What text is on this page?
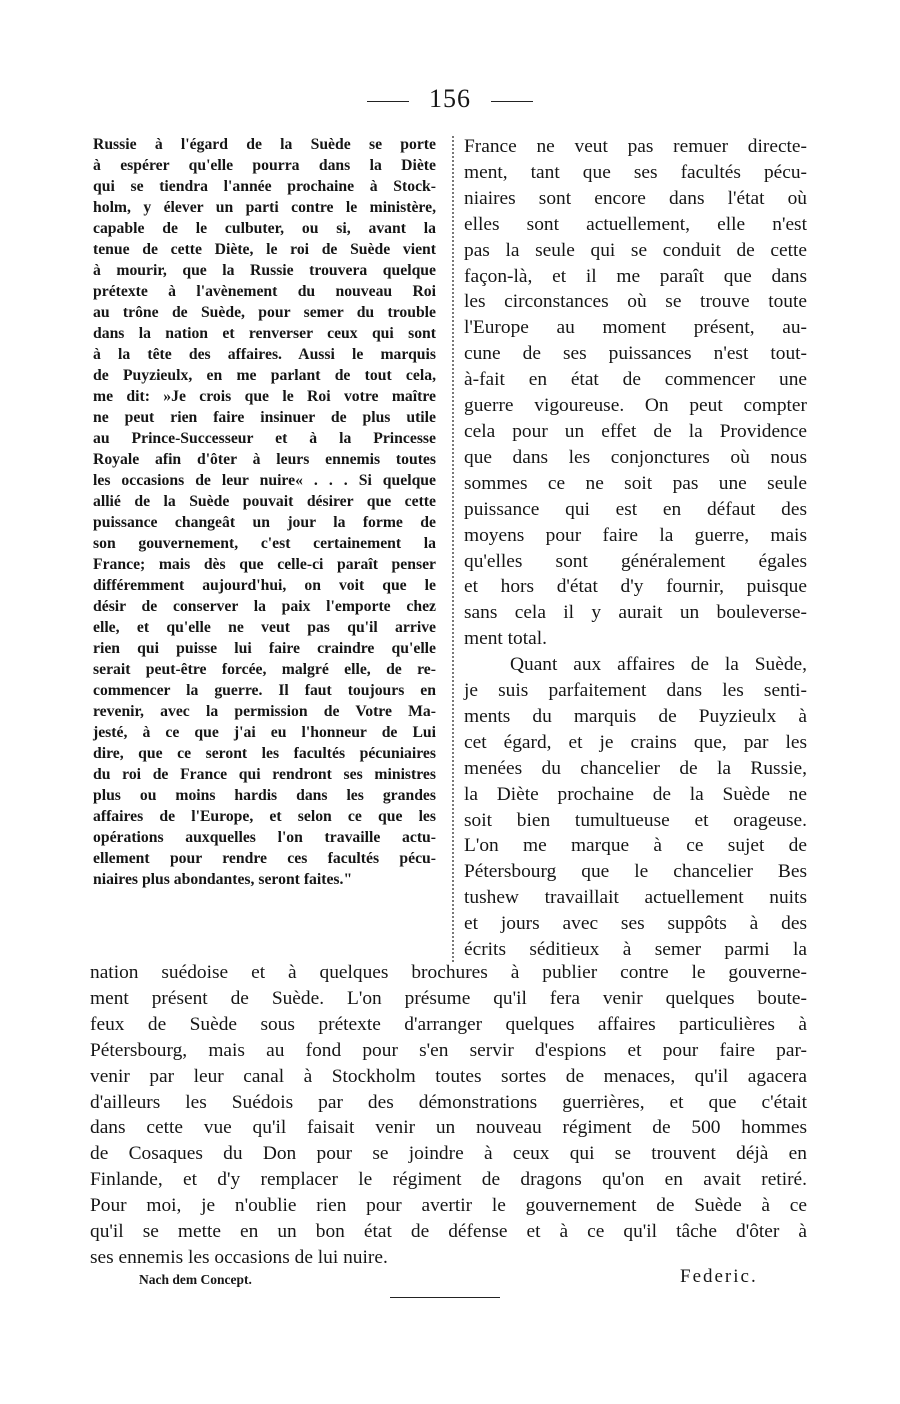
156
Russie à l'égard de la Suède se porte
à espérer qu'elle pourra dans la Diète
qui se tiendra l'année prochaine à Stock-
holm, y élever un parti contre le ministère,
capable de le culbuter, ou si, avant la
tenue de cette Diète, le roi de Suède vient
à mourir, que la Russie trouvera quelque
prétexte à l'avènement du nouveau Roi
au trône de Suède, pour semer du trouble
dans la nation et renverser ceux qui sont
à la tête des affaires. Aussi le marquis
de Puyzieulx, en me parlant de tout cela,
me dit: »Je crois que le Roi votre maître
ne peut rien faire insinuer de plus utile
au Prince-Successeur et à la Princesse
Royale afin d'ôter à leurs ennemis toutes
les occasions de leur nuire« . . . Si quelque
allié de la Suède pouvait désirer que cette
puissance changeât un jour la forme de
son gouvernement, c'est certainement la
France; mais dès que celle-ci paraît penser
différemment aujourd'hui, on voit que le
désir de conserver la paix l'emporte chez
elle, et qu'elle ne veut pas qu'il arrive
rien qui puisse lui faire craindre qu'elle
serait peut-être forcée, malgré elle, de re-
commencer la guerre. Il faut toujours en
revenir, avec la permission de Votre Ma-
jesté, à ce que j'ai eu l'honneur de Lui
dire, que ce seront les facultés pécuniaires
du roi de France qui rendront ses ministres
plus ou moins hardis dans les grandes
affaires de l'Europe, et selon ce que les
opérations auxquelles l'on travaille actu-
ellement pour rendre ces facultés pécu-
niaires plus abondantes, seront faites."
France ne veut pas remuer directe-
ment, tant que ses facultés pécu-
niaires sont encore dans l'état où
elles sont actuellement, elle n'est
pas la seule qui se conduit de cette
façon-là, et il me paraît que dans
les circonstances où se trouve toute
l'Europe au moment présent, au-
cune de ses puissances n'est tout-
à-fait en état de commencer une
guerre vigoureuse. On peut compter
cela pour un effet de la Providence
que dans les conjonctures où nous
sommes ce ne soit pas une seule
puissance qui est en défaut des
moyens pour faire la guerre, mais
qu'elles sont généralement égales
et hors d'état d'y fournir, puisque
sans cela il y aurait un bouleverse-
ment total.
Quant aux affaires de la Suède,
je suis parfaitement dans les senti-
ments du marquis de Puyzieulx à
cet égard, et je crains que, par les
menées du chancelier de la Russie,
la Diète prochaine de la Suède ne
soit bien tumultueuse et orageuse.
L'on me marque à ce sujet de
Pétersbourg que le chancelier Bes
tushew travaillait actuellement nuits
et jours avec ses suppôts à des
écrits séditieux à semer parmi la
nation suédoise et à quelques brochures à publier contre le gouverne-
ment présent de Suède. L'on présume qu'il fera venir quelques boute-
feux de Suède sous prétexte d'arranger quelques affaires particulières à
Pétersbourg, mais au fond pour s'en servir d'espions et pour faire par-
venir par leur canal à Stockholm toutes sortes de menaces, qu'il agacera
d'ailleurs les Suédois par des démonstrations guerrières, et que c'était
dans cette vue qu'il faisait venir un nouveau régiment de 500 hommes
de Cosaques du Don pour se joindre à ceux qui se trouvent déjà en
Finlande, et d'y remplacer le régiment de dragons qu'on en avait retiré.
Pour moi, je n'oublie rien pour avertir le gouvernement de Suède à ce
qu'il se mette en un bon état de défense et à ce qu'il tâche d'ôter à
ses ennemis les occasions de lui nuire.
Nach dem Concept.	Federic.
